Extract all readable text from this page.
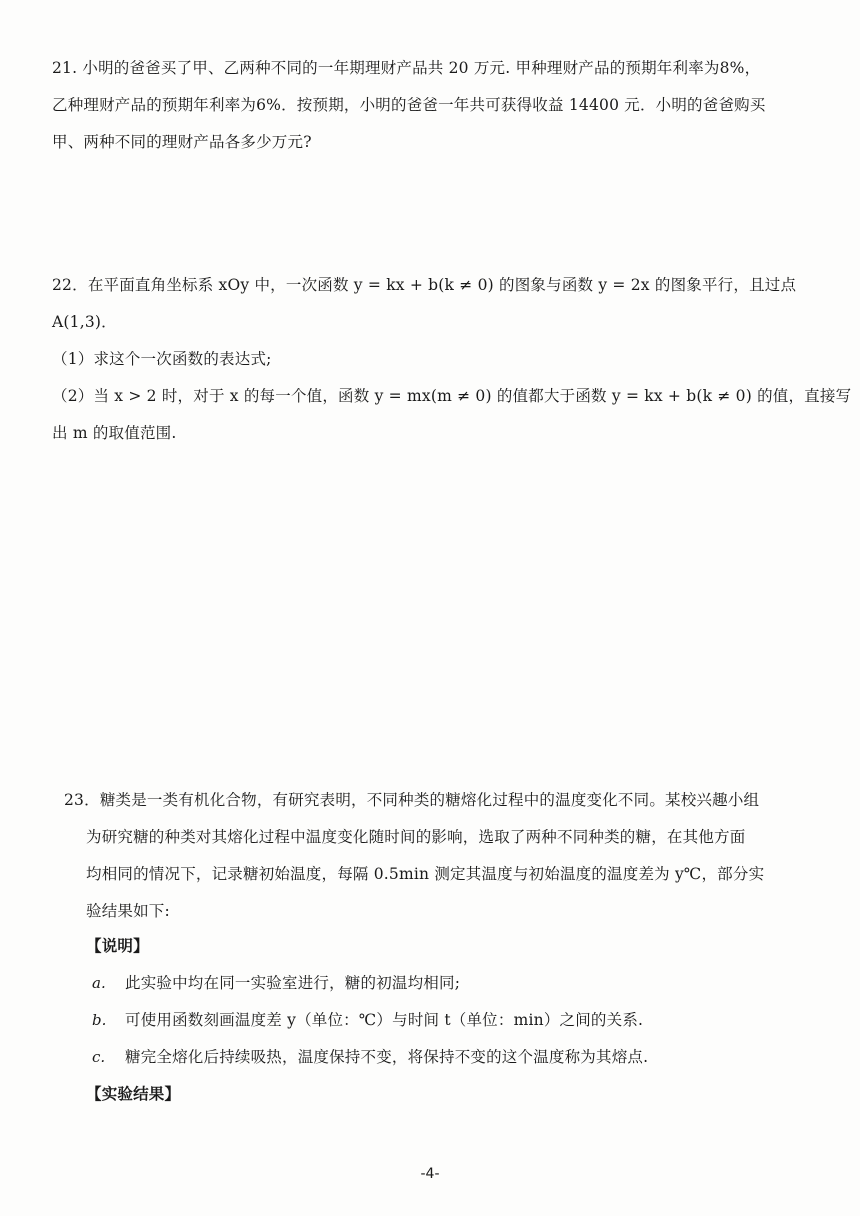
21. 小明的爸爸买了甲、乙两种不同的一年期理财产品共 20 万元. 甲种理财产品的预期年利率为8%，
乙种理财产品的预期年利率为6%．按预期，小明的爸爸一年共可获得收益 14400 元．小明的爸爸购买
甲、两种不同的理财产品各多少万元?
22．在平面直角坐标系 xOy 中，一次函数 y = kx + b(k ≠ 0) 的图象与函数 y = 2x 的图象平行，且过点
A(1,3)．
（1）求这个一次函数的表达式;
（2）当 x > 2 时，对于 x 的每一个值，函数 y = mx(m ≠ 0) 的值都大于函数 y = kx + b(k ≠ 0) 的值，直接写
出 m 的取值范围.
23．糖类是一类有机化合物，有研究表明，不同种类的糖熔化过程中的温度变化不同。某校兴趣小组
为研究糖的种类对其熔化过程中温度变化随时间的影响，选取了两种不同种类的糖，在其他方面
均相同的情况下，记录糖初始温度，每隔 0.5min 测定其温度与初始温度的温度差为 y℃，部分实
验结果如下:
【说明】
a. 此实验中均在同一实验室进行，糖的初温均相同;
b. 可使用函数刻画温度差 y（单位：℃）与时间 t（单位：min）之间的关系.
c. 糖完全熔化后持续吸热，温度保持不变，将保持不变的这个温度称为其熔点.
【实验结果】
-4-
